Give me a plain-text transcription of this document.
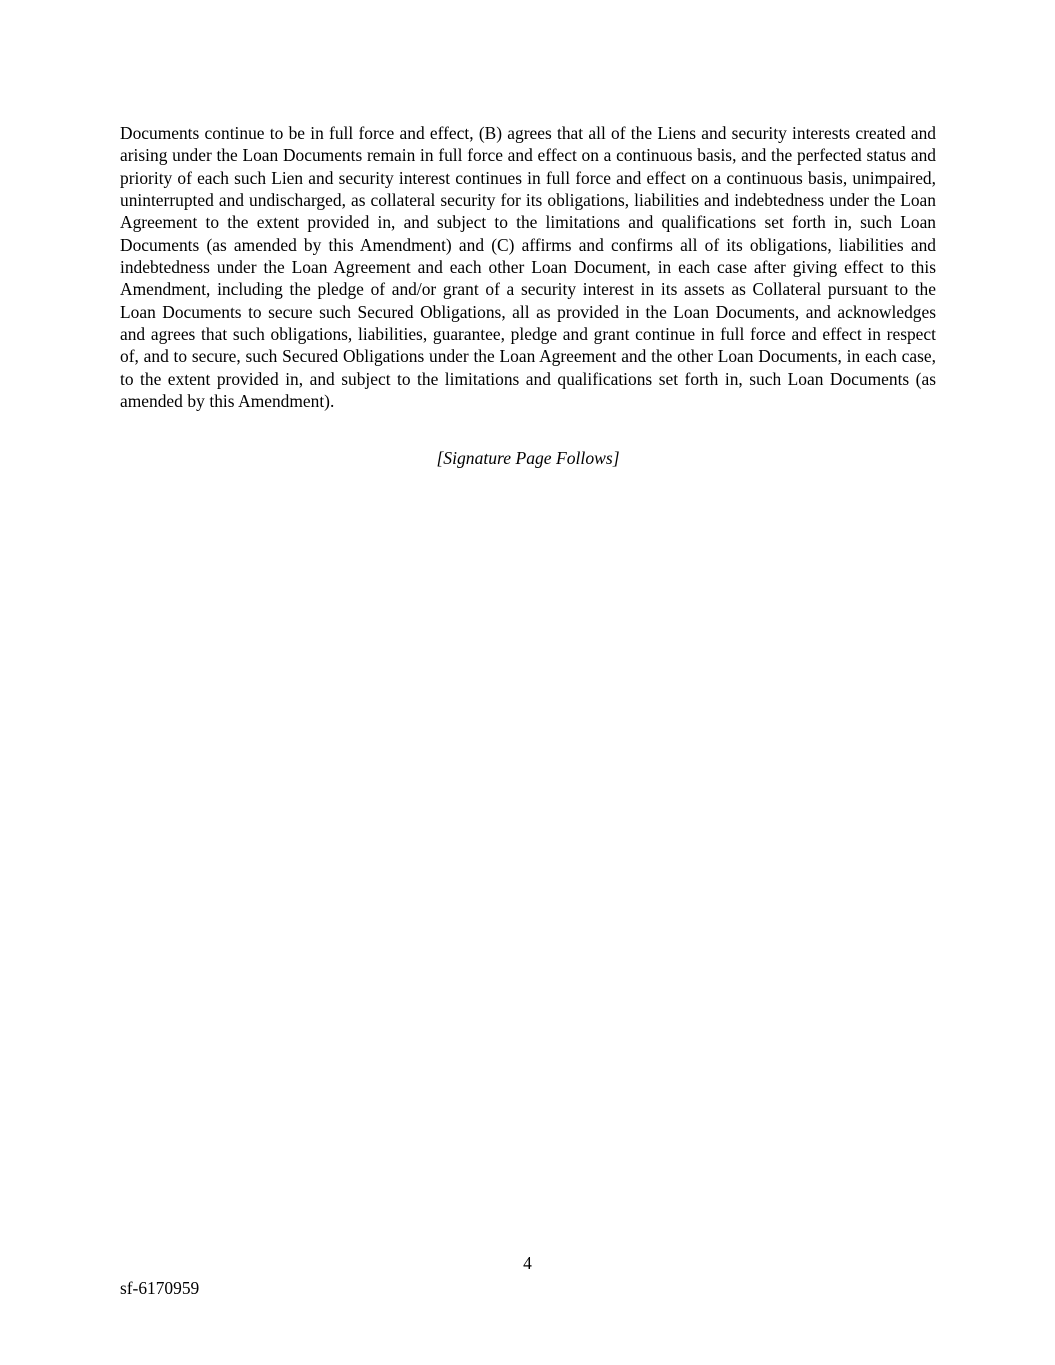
Documents continue to be in full force and effect, (B) agrees that all of the Liens and security interests created and arising under the Loan Documents remain in full force and effect on a continuous basis, and the perfected status and priority of each such Lien and security interest continues in full force and effect on a continuous basis, unimpaired, uninterrupted and undischarged, as collateral security for its obligations, liabilities and indebtedness under the Loan Agreement to the extent provided in, and subject to the limitations and qualifications set forth in, such Loan Documents (as amended by this Amendment) and (C) affirms and confirms all of its obligations, liabilities and indebtedness under the Loan Agreement and each other Loan Document, in each case after giving effect to this Amendment, including the pledge of and/or grant of a security interest in its assets as Collateral pursuant to the Loan Documents to secure such Secured Obligations, all as provided in the Loan Documents, and acknowledges and agrees that such obligations, liabilities, guarantee, pledge and grant continue in full force and effect in respect of, and to secure, such Secured Obligations under the Loan Agreement and the other Loan Documents, in each case, to the extent provided in, and subject to the limitations and qualifications set forth in, such Loan Documents (as amended by this Amendment).

[Signature Page Follows]

4
sf-6170959
